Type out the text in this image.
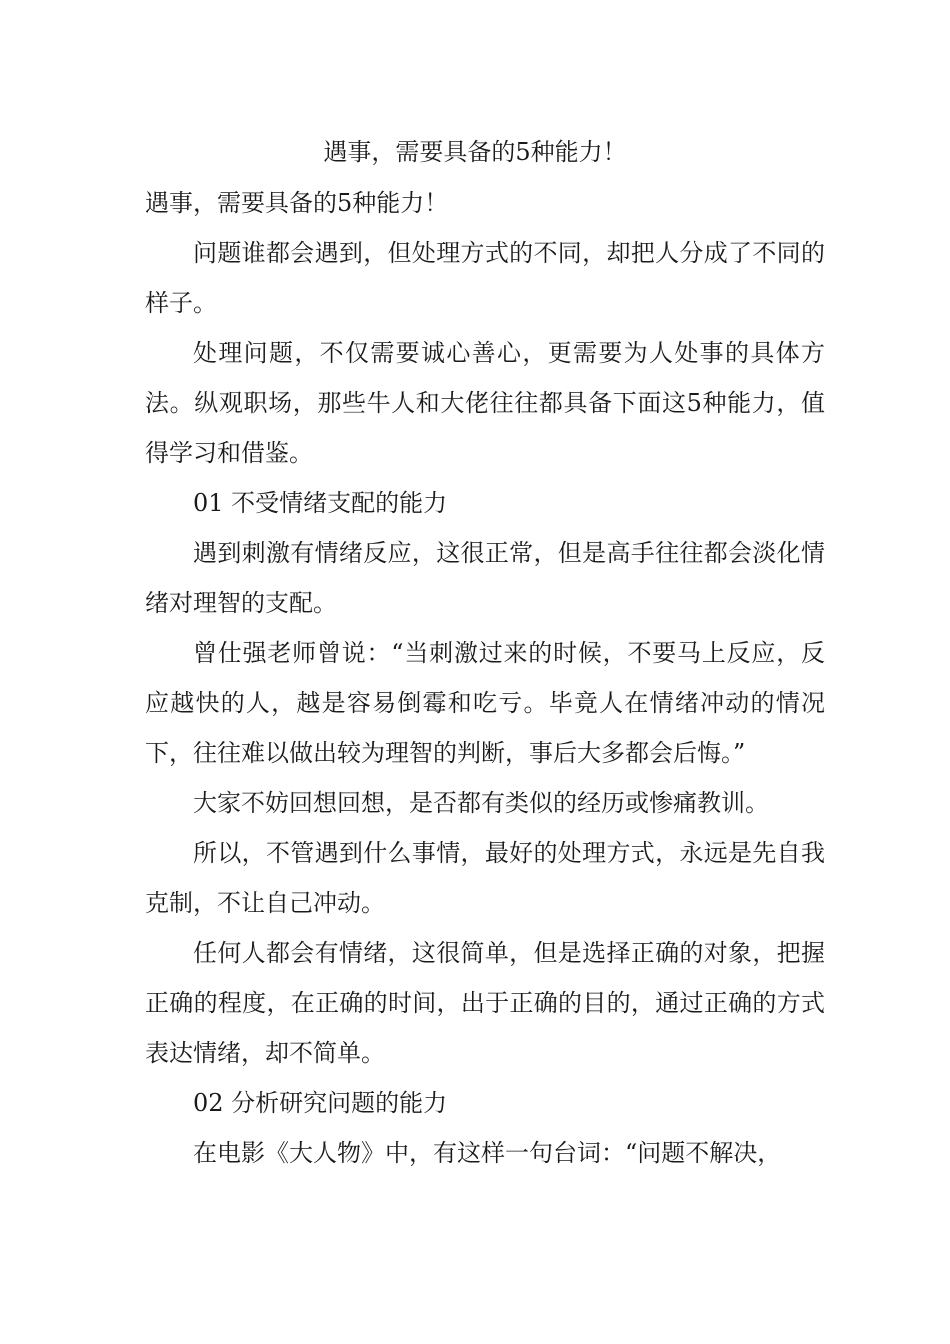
遇事，需要具备的5种能力！

遇事，需要具备的5种能力！

问题谁都会遇到，但处理方式的不同，却把人分成了不同的样子。

处理问题，不仅需要诚心善心，更需要为人处事的具体方法。纵观职场，那些牛人和大佬往往都具备下面这5种能力，值得学习和借鉴。

01 不受情绪支配的能力

遇到刺激有情绪反应，这很正常，但是高手往往都会淡化情绪对理智的支配。

曾仕强老师曾说：“当刺激过来的时候，不要马上反应，反应越快的人，越是容易倒霉和吃亏。毕竟人在情绪冲动的情况下，往往难以做出较为理智的判断，事后大多都会后悔。”

大家不妨回想回想，是否都有类似的经历或惨痛教训。

所以，不管遇到什么事情，最好的处理方式，永远是先自我克制，不让自己冲动。

任何人都会有情绪，这很简单，但是选择正确的对象，把握正确的程度，在正确的时间，出于正确的目的，通过正确的方式表达情绪，却不简单。

02 分析研究问题的能力

在电影《大人物》中，有这样一句台词：“问题不解决，
